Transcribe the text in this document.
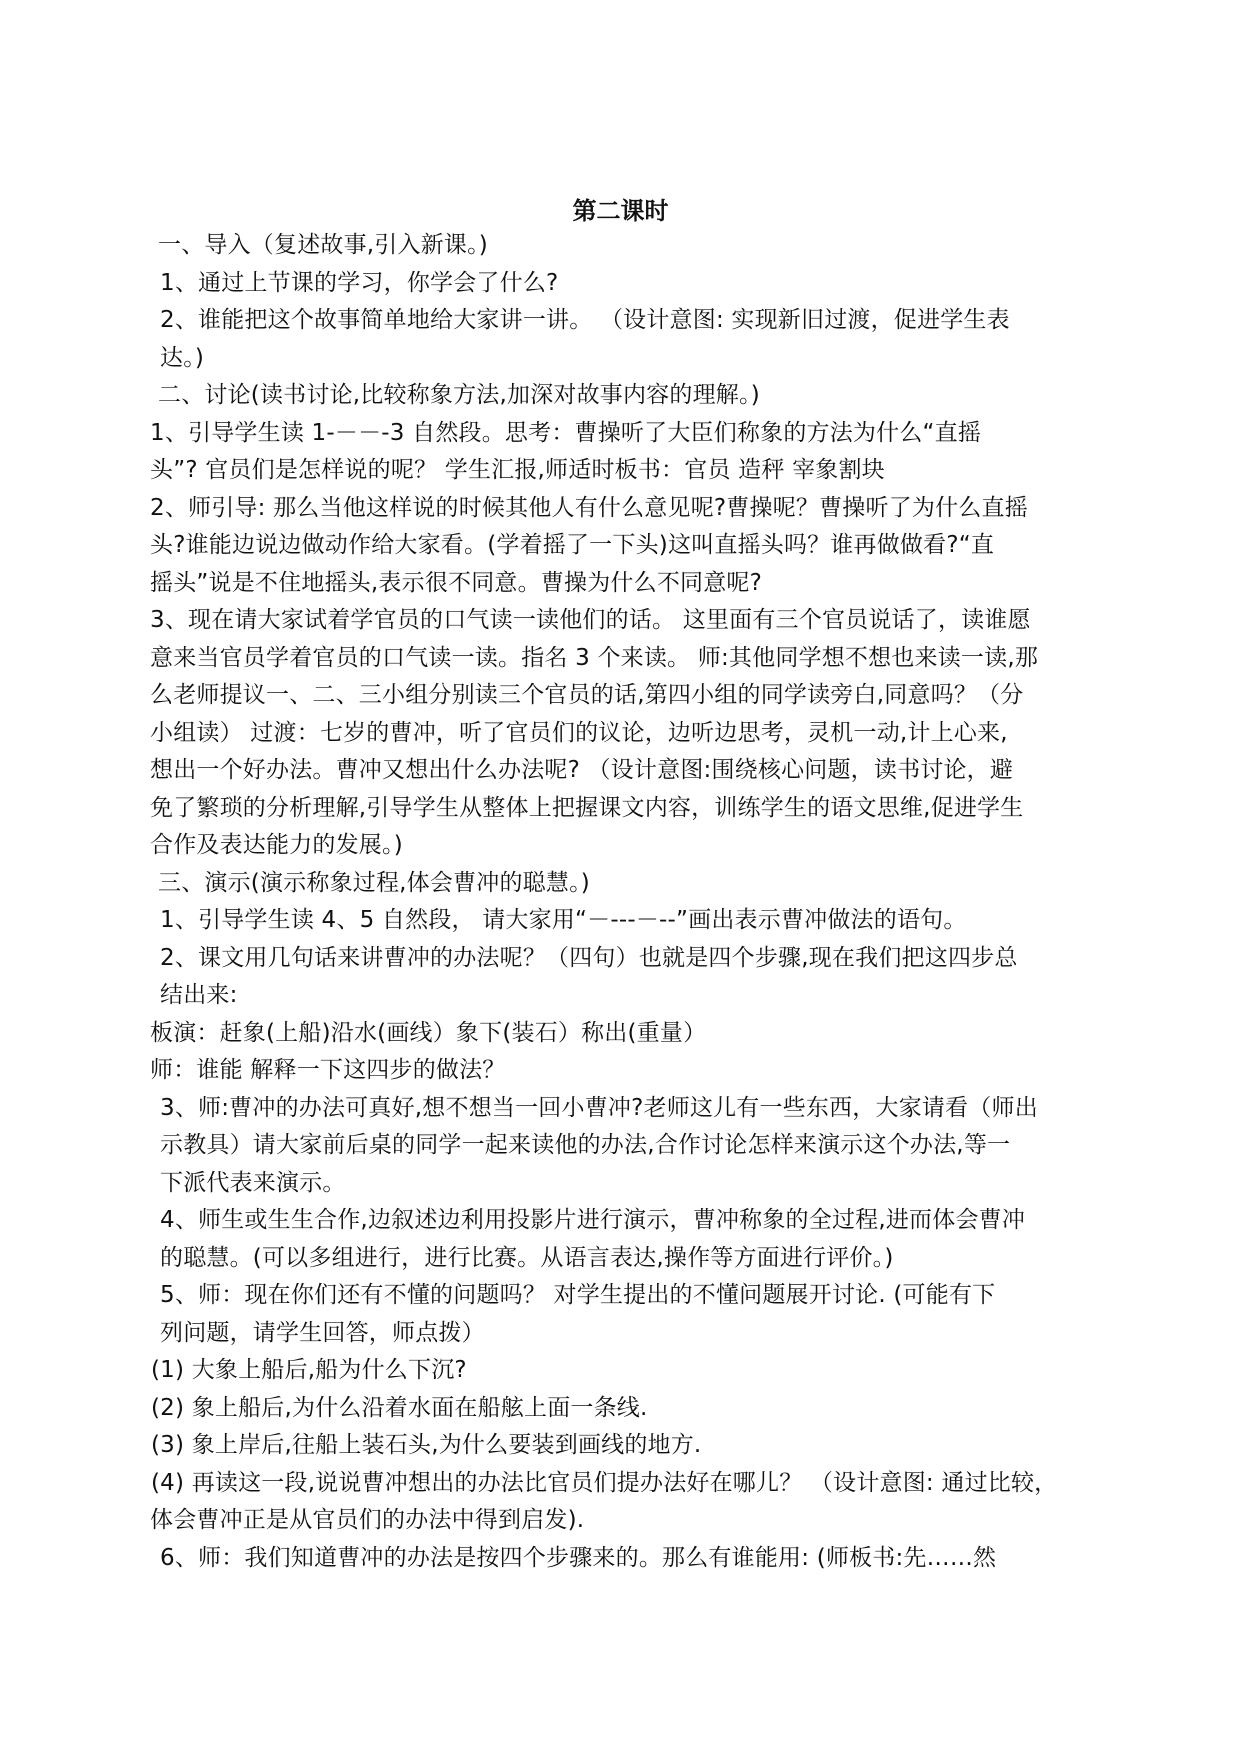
第二课时
一、导入（复述故事,引入新课。)
1、通过上节课的学习，你学会了什么?
2、谁能把这个故事简单地给大家讲一讲。 （设计意图: 实现新旧过渡，促进学生表
达。)
二、讨论(读书讨论,比较称象方法,加深对故事内容的理解。)
1、引导学生读 1-－－-3 自然段。思考：曹操听了大臣们称象的方法为什么“直摇
头”? 官员们是怎样说的呢？ 学生汇报,师适时板书：官员 造秤 宰象割块
2、师引导: 那么当他这样说的时候其他人有什么意见呢?曹操呢？曹操听了为什么直摇
头?谁能边说边做动作给大家看。(学着摇了一下头)这叫直摇头吗？谁再做做看?“直
摇头”说是不住地摇头,表示很不同意。曹操为什么不同意呢?
3、现在请大家试着学官员的口气读一读他们的话。 这里面有三个官员说话了，读谁愿
意来当官员学着官员的口气读一读。指名 3 个来读。 师:其他同学想不想也来读一读,那
么老师提议一、二、三小组分别读三个官员的话,第四小组的同学读旁白,同意吗？（分
小组读） 过渡：七岁的曹冲，听了官员们的议论，边听边思考，灵机一动,计上心来,
想出一个好办法。曹冲又想出什么办法呢? （设计意图:围绕核心问题，读书讨论，避
免了繁琐的分析理解,引导学生从整体上把握课文内容，训练学生的语文思维,促进学生
合作及表达能力的发展。)
三、演示(演示称象过程,体会曹冲的聪慧。)
1、引导学生读 4、5 自然段， 请大家用“－---－--”画出表示曹冲做法的语句。
2、课文用几句话来讲曹冲的办法呢？（四句）也就是四个步骤,现在我们把这四步总
结出来:
板演：赶象(上船)沿水(画线）象下(装石）称出(重量）
师：谁能 解释一下这四步的做法？
3、师:曹冲的办法可真好,想不想当一回小曹冲?老师这儿有一些东西，大家请看（师出
示教具）请大家前后桌的同学一起来读他的办法,合作讨论怎样来演示这个办法,等一
下派代表来演示。
4、师生或生生合作,边叙述边利用投影片进行演示，曹冲称象的全过程,进而体会曹冲
的聪慧。(可以多组进行，进行比赛。从语言表达,操作等方面进行评价。)
5、师：现在你们还有不懂的问题吗？ 对学生提出的不懂问题展开讨论. (可能有下
列问题，请学生回答，师点拨）
(1) 大象上船后,船为什么下沉?
(2) 象上船后,为什么沿着水面在船舷上面一条线.
(3) 象上岸后,往船上装石头,为什么要装到画线的地方.
(4) 再读这一段,说说曹冲想出的办法比官员们提办法好在哪儿？ （设计意图: 通过比较，
体会曹冲正是从官员们的办法中得到启发).
6、师：我们知道曹冲的办法是按四个步骤来的。那么有谁能用: (师板书:先……然
